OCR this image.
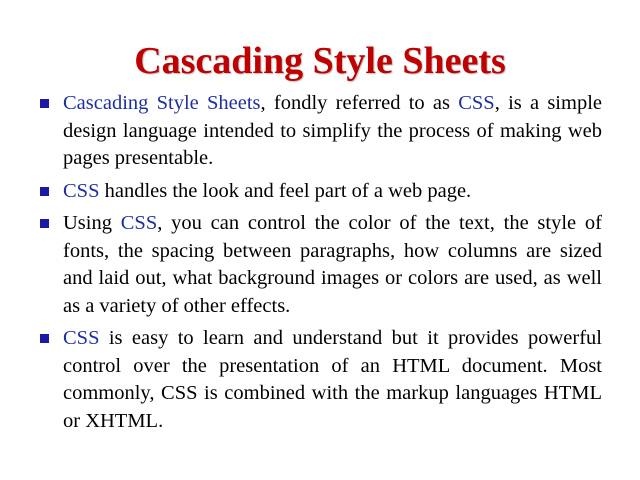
Cascading Style Sheets
Cascading Style Sheets, fondly referred to as CSS, is a simple design language intended to simplify the process of making web pages presentable.
CSS handles the look and feel part of a web page.
Using CSS, you can control the color of the text, the style of fonts, the spacing between paragraphs, how columns are sized and laid out, what background images or colors are used, as well as a variety of other effects.
CSS is easy to learn and understand but it provides powerful control over the presentation of an HTML document. Most commonly, CSS is combined with the markup languages HTML or XHTML.
